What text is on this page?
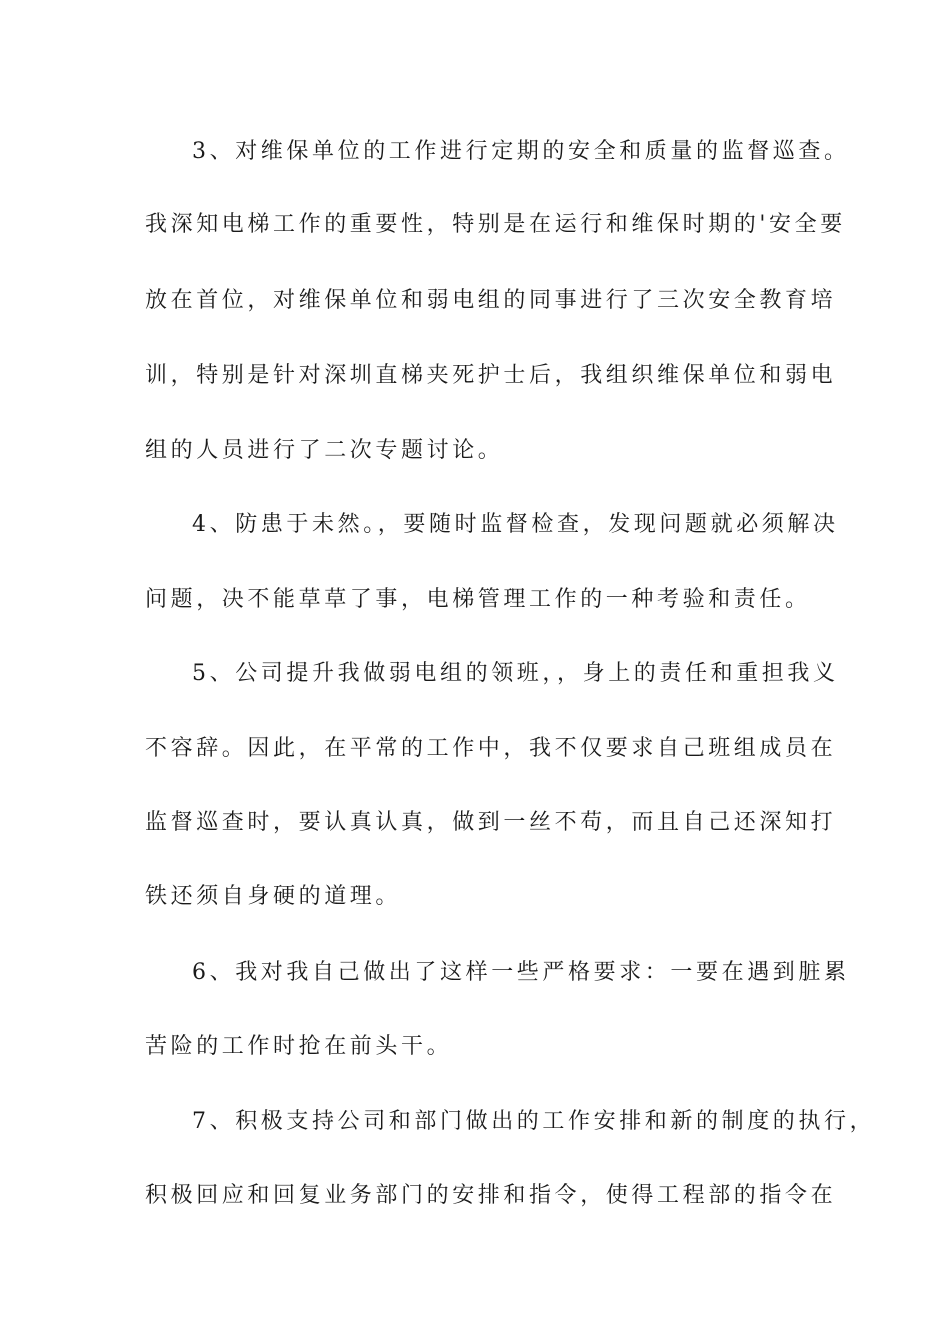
3、对维保单位的工作进行定期的安全和质量的监督巡查。
我深知电梯工作的重要性，特别是在运行和维保时期的'安全要
放在首位，对维保单位和弱电组的同事进行了三次安全教育培
训，特别是针对深圳直梯夹死护士后，我组织维保单位和弱电
组的人员进行了二次专题讨论。
4、防患于未然。，要随时监督检查，发现问题就必须解决
问题，决不能草草了事，电梯管理工作的一种考验和责任。
5、公司提升我做弱电组的领班，，身上的责任和重担我义
不容辞。因此，在平常的工作中，我不仅要求自己班组成员在
监督巡查时，要认真认真，做到一丝不苟，而且自己还深知打
铁还须自身硬的道理。
6、我对我自己做出了这样一些严格要求：一要在遇到脏累
苦险的工作时抢在前头干。
7、积极支持公司和部门做出的工作安排和新的制度的执行，
积极回应和回复业务部门的安排和指令，使得工程部的指令在
